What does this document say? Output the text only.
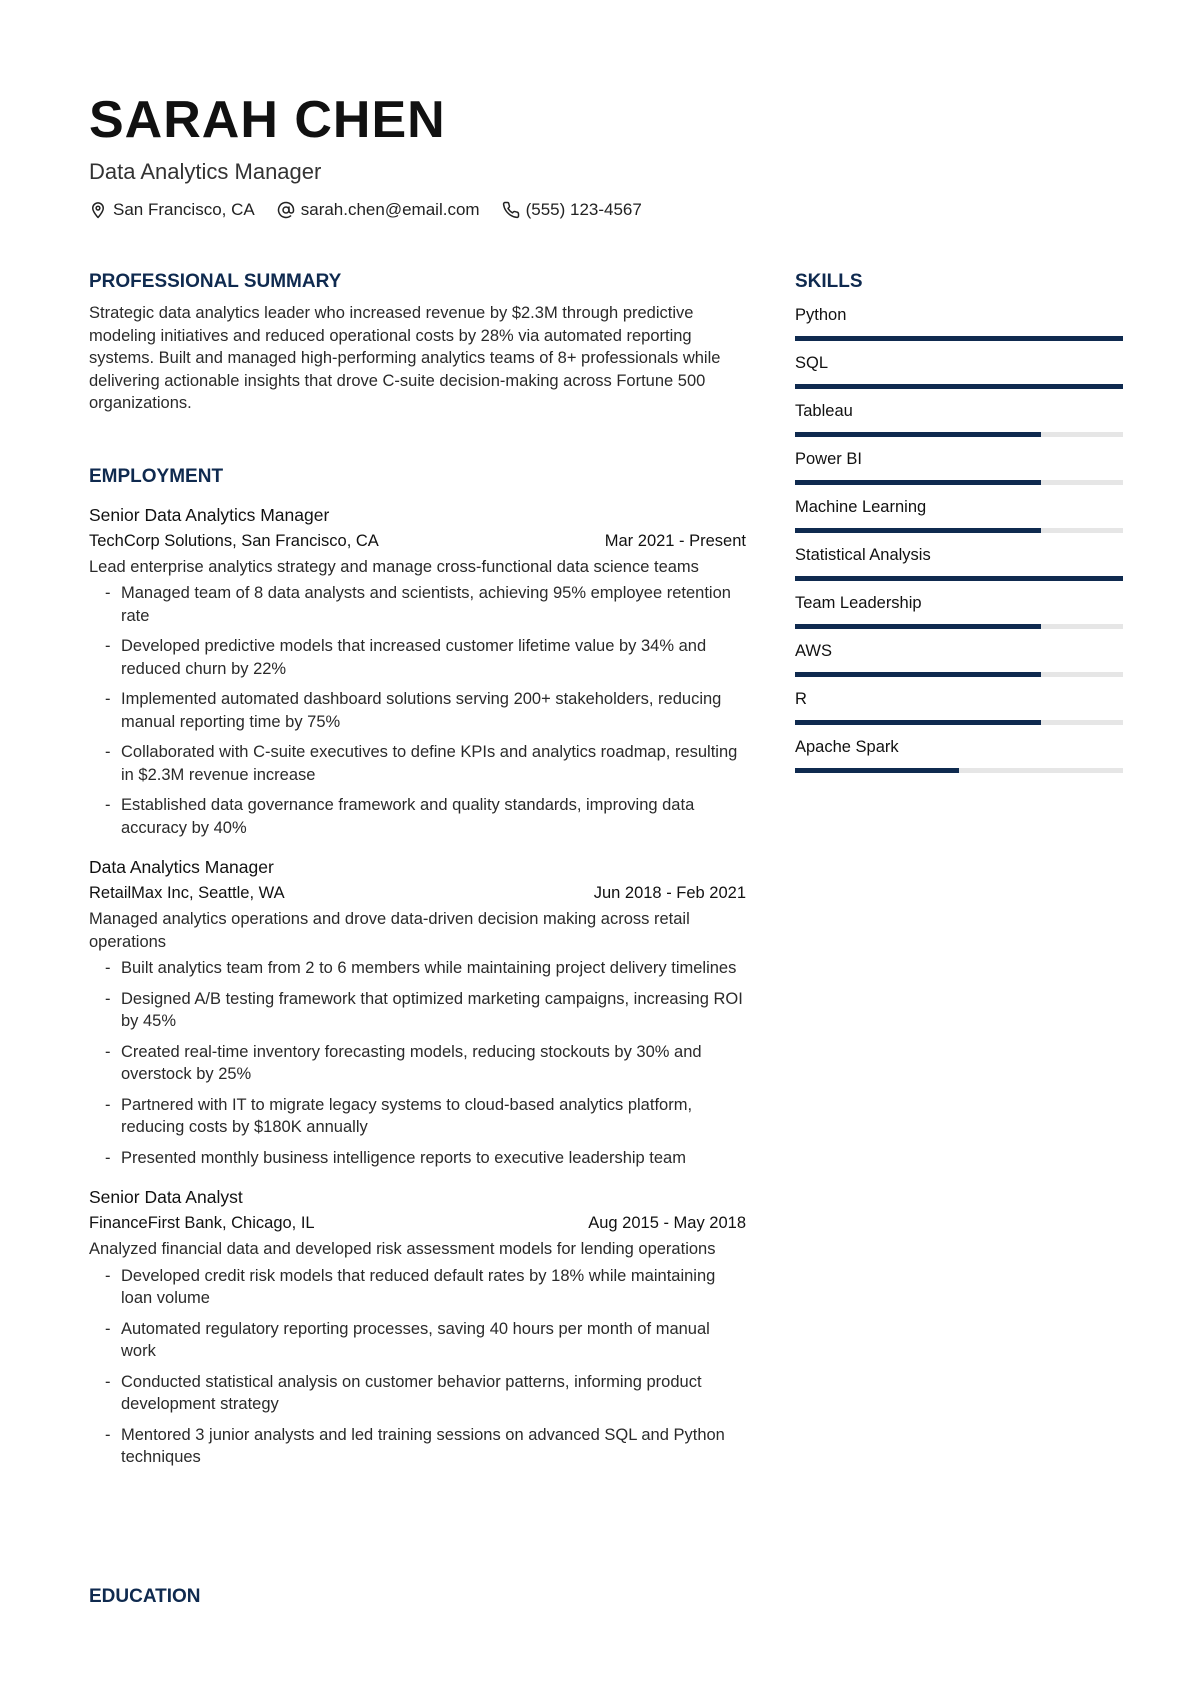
SARAH CHEN
Data Analytics Manager
San Francisco, CA	sarah.chen@email.com	(555) 123-4567
PROFESSIONAL SUMMARY
Strategic data analytics leader who increased revenue by $2.3M through predictive modeling initiatives and reduced operational costs by 28% via automated reporting systems. Built and managed high-performing analytics teams of 8+ professionals while delivering actionable insights that drove C-suite decision-making across Fortune 500 organizations.
EMPLOYMENT
Senior Data Analytics Manager
TechCorp Solutions, San Francisco, CA	Mar 2021 - Present
Lead enterprise analytics strategy and manage cross-functional data science teams
- Managed team of 8 data analysts and scientists, achieving 95% employee retention rate
- Developed predictive models that increased customer lifetime value by 34% and reduced churn by 22%
- Implemented automated dashboard solutions serving 200+ stakeholders, reducing manual reporting time by 75%
- Collaborated with C-suite executives to define KPIs and analytics roadmap, resulting in $2.3M revenue increase
- Established data governance framework and quality standards, improving data accuracy by 40%
Data Analytics Manager
RetailMax Inc, Seattle, WA	Jun 2018 - Feb 2021
Managed analytics operations and drove data-driven decision making across retail operations
- Built analytics team from 2 to 6 members while maintaining project delivery timelines
- Designed A/B testing framework that optimized marketing campaigns, increasing ROI by 45%
- Created real-time inventory forecasting models, reducing stockouts by 30% and overstock by 25%
- Partnered with IT to migrate legacy systems to cloud-based analytics platform, reducing costs by $180K annually
- Presented monthly business intelligence reports to executive leadership team
Senior Data Analyst
FinanceFirst Bank, Chicago, IL	Aug 2015 - May 2018
Analyzed financial data and developed risk assessment models for lending operations
- Developed credit risk models that reduced default rates by 18% while maintaining loan volume
- Automated regulatory reporting processes, saving 40 hours per month of manual work
- Conducted statistical analysis on customer behavior patterns, informing product development strategy
- Mentored 3 junior analysts and led training sessions on advanced SQL and Python techniques
EDUCATION
SKILLS
Python
SQL
Tableau
Power BI
Machine Learning
Statistical Analysis
Team Leadership
AWS
R
Apache Spark
